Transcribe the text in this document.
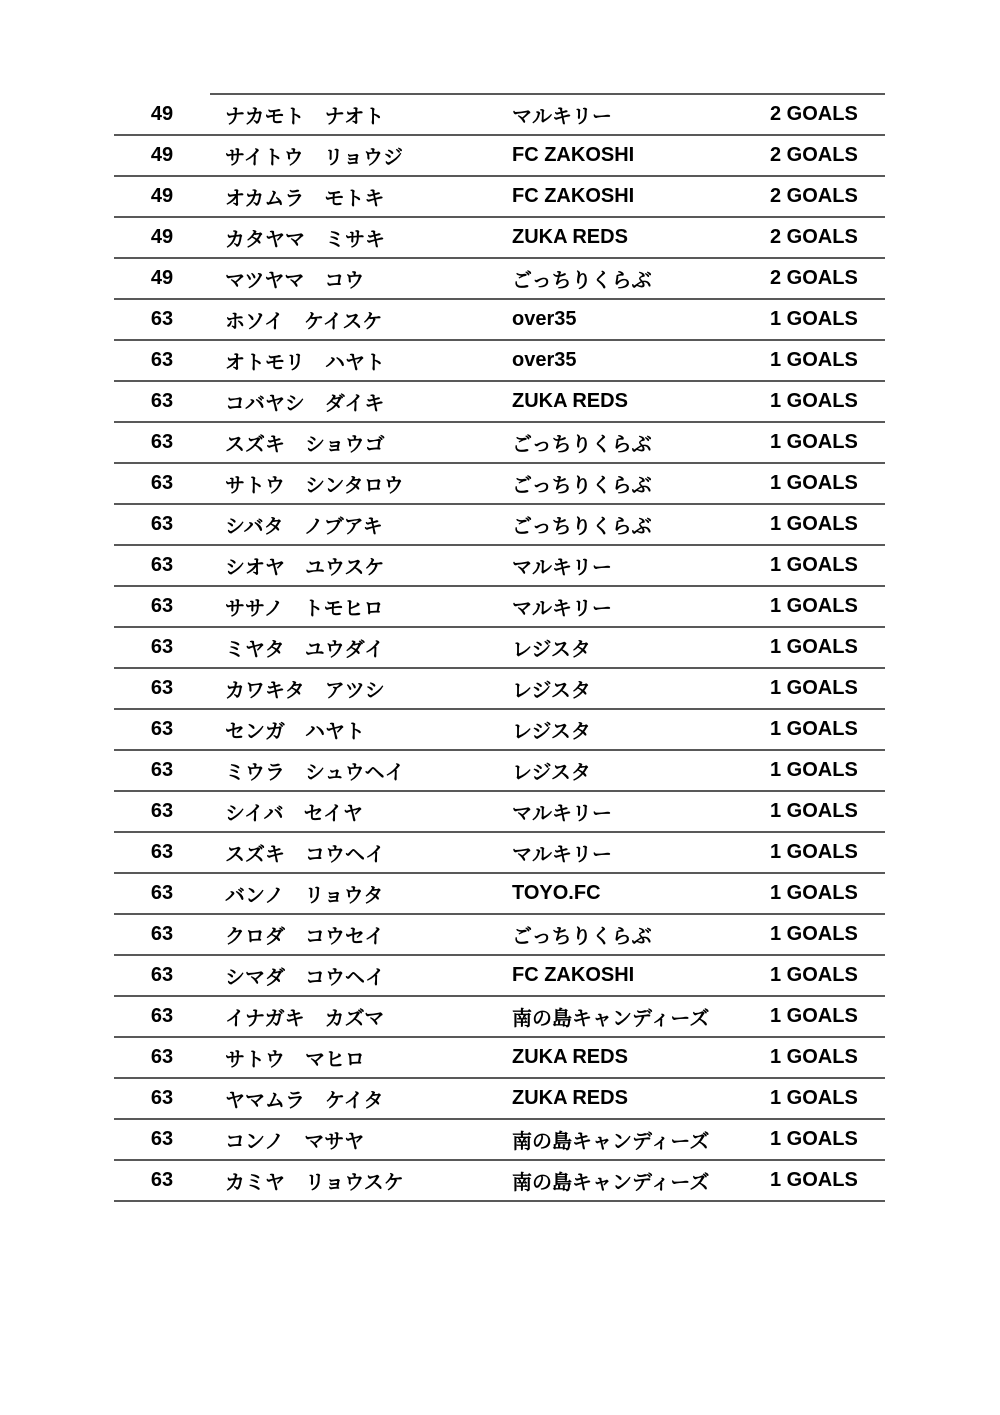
49	ナカモト　ナオト	マルキリー	2 GOALS
49	サイトウ　リョウジ	FC ZAKOSHI	2 GOALS
49	オカムラ　モトキ	FC ZAKOSHI	2 GOALS
49	カタヤマ　ミサキ	ZUKA REDS	2 GOALS
49	マツヤマ　コウ	ごっちりくらぶ	2 GOALS
63	ホソイ　ケイスケ	over35	1 GOALS
63	オトモリ　ハヤト	over35	1 GOALS
63	コバヤシ　ダイキ	ZUKA REDS	1 GOALS
63	スズキ　ショウゴ	ごっちりくらぶ	1 GOALS
63	サトウ　シンタロウ	ごっちりくらぶ	1 GOALS
63	シバタ　ノブアキ	ごっちりくらぶ	1 GOALS
63	シオヤ　ユウスケ	マルキリー	1 GOALS
63	ササノ　トモヒロ	マルキリー	1 GOALS
63	ミヤタ　ユウダイ	レジスタ	1 GOALS
63	カワキタ　アツシ	レジスタ	1 GOALS
63	センガ　ハヤト	レジスタ	1 GOALS
63	ミウラ　シュウヘイ	レジスタ	1 GOALS
63	シイバ　セイヤ	マルキリー	1 GOALS
63	スズキ　コウヘイ	マルキリー	1 GOALS
63	バンノ　リョウタ	TOYO.FC	1 GOALS
63	クロダ　コウセイ	ごっちりくらぶ	1 GOALS
63	シマダ　コウヘイ	FC ZAKOSHI	1 GOALS
63	イナガキ　カズマ	南の島キャンディーズ	1 GOALS
63	サトウ　マヒロ	ZUKA REDS	1 GOALS
63	ヤマムラ　ケイタ	ZUKA REDS	1 GOALS
63	コンノ　マサヤ	南の島キャンディーズ	1 GOALS
63	カミヤ　リョウスケ	南の島キャンディーズ	1 GOALS
